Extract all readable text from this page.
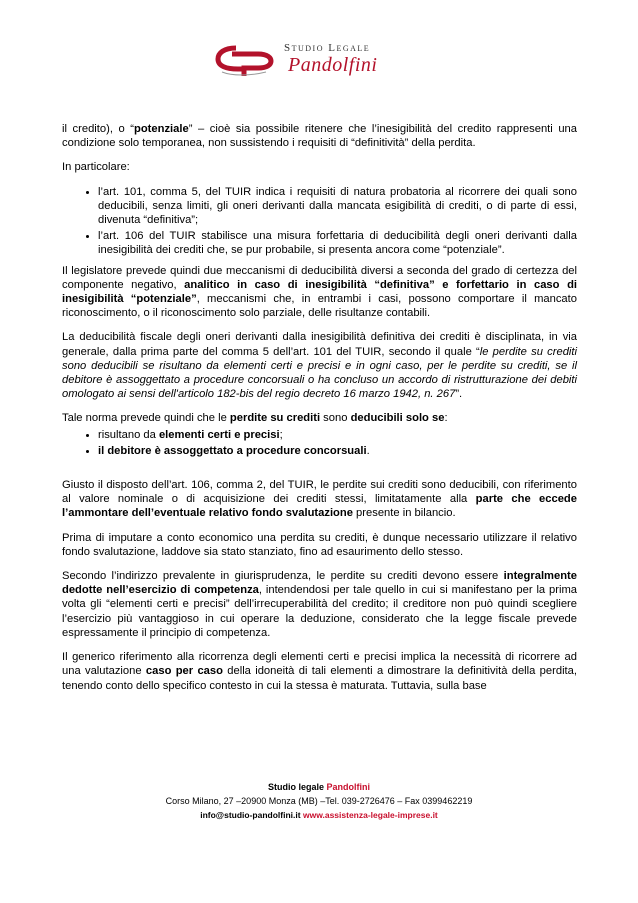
Studio Legale
Pandolfini

il credito), o “potenziale” – cioè sia possibile ritenere che l’inesigibilità del credito rappresenti una condizione solo temporanea, non sussistendo i requisiti di “definitività” della perdita.

In particolare:

• l’art. 101, comma 5, del TUIR indica i requisiti di natura probatoria al ricorrere dei quali sono deducibili, senza limiti, gli oneri derivanti dalla mancata esigibilità di crediti, o di parte di essi, divenuta “definitiva”;
• l’art. 106 del TUIR stabilisce una misura forfettaria di deducibilità degli oneri derivanti dalla inesigibilità dei crediti che, se pur probabile, si presenta ancora come “potenziale”.

Il legislatore prevede quindi due meccanismi di deducibilità diversi a seconda del grado di certezza del componente negativo, analitico in caso di inesigibilità “definitiva” e forfettario in caso di inesigibilità “potenziale”, meccanismi che, in entrambi i casi, possono comportare il mancato riconoscimento, o il riconoscimento solo parziale, delle risultanze contabili.

La deducibilità fiscale degli oneri derivanti dalla inesigibilità definitiva dei crediti è disciplinata, in via generale, dalla prima parte del comma 5 dell’art. 101 del TUIR, secondo il quale “le perdite su crediti sono deducibili se risultano da elementi certi e precisi e in ogni caso, per le perdite su crediti, se il debitore è assoggettato a procedure concorsuali o ha concluso un accordo di ristrutturazione dei debiti omologato ai sensi dell'articolo 182-bis del regio decreto 16 marzo 1942, n. 267”.

Tale norma prevede quindi che le perdite su crediti sono deducibili solo se:

• risultano da elementi certi e precisi;
• il debitore è assoggettato a procedure concorsuali.

Giusto il disposto dell’art. 106, comma 2, del TUIR, le perdite sui crediti sono deducibili, con riferimento al valore nominale o di acquisizione dei crediti stessi, limitatamente alla parte che eccede l’ammontare dell’eventuale relativo fondo svalutazione presente in bilancio.

Prima di imputare a conto economico una perdita su crediti, è dunque necessario utilizzare il relativo fondo svalutazione, laddove sia stato stanziato, fino ad esaurimento dello stesso.

Secondo l’indirizzo prevalente in giurisprudenza, le perdite su crediti devono essere integralmente dedotte nell’esercizio di competenza, intendendosi per tale quello in cui si manifestano per la prima volta gli “elementi certi e precisi” dell’irrecuperabilità del credito; il creditore non può quindi scegliere l’esercizio più vantaggioso in cui operare la deduzione, considerato che la legge fiscale prevede espressamente il principio di competenza.

Il generico riferimento alla ricorrenza degli elementi certi e precisi implica la necessità di ricorrere ad una valutazione caso per caso della idoneità di tali elementi a dimostrare la definitività della perdita, tenendo conto dello specifico contesto in cui la stessa è maturata. Tuttavia, sulla base

Studio legale Pandolfini
Corso Milano, 27 –20900 Monza (MB) –Tel. 039-2726476 – Fax 0399462219
info@studio-pandolfini.it www.assistenza-legale-imprese.it
